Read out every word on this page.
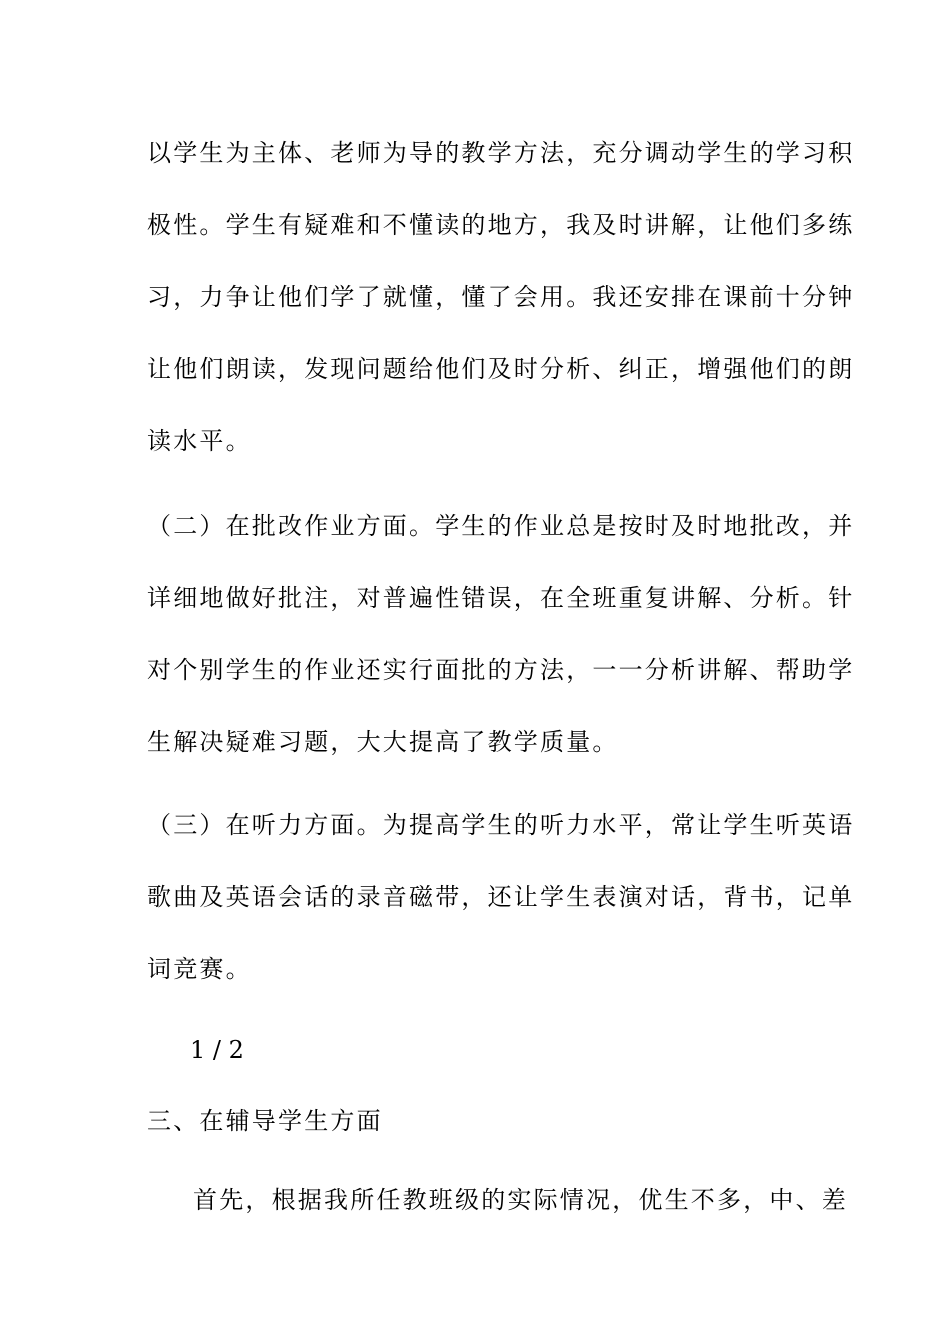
以学生为主体、老师为导的教学方法，充分调动学生的学习积
极性。学生有疑难和不懂读的地方，我及时讲解，让他们多练
习，力争让他们学了就懂，懂了会用。我还安排在课前十分钟
让他们朗读，发现问题给他们及时分析、纠正，增强他们的朗
读水平。
（二）在批改作业方面。学生的作业总是按时及时地批改，并
详细地做好批注，对普遍性错误，在全班重复讲解、分析。针
对个别学生的作业还实行面批的方法，一一分析讲解、帮助学
生解决疑难习题，大大提高了教学质量。
（三）在听力方面。为提高学生的听力水平，常让学生听英语
歌曲及英语会话的录音磁带，还让学生表演对话，背书，记单
词竞赛。
1 / 2
三、在辅导学生方面
首先，根据我所任教班级的实际情况，优生不多，中、差
